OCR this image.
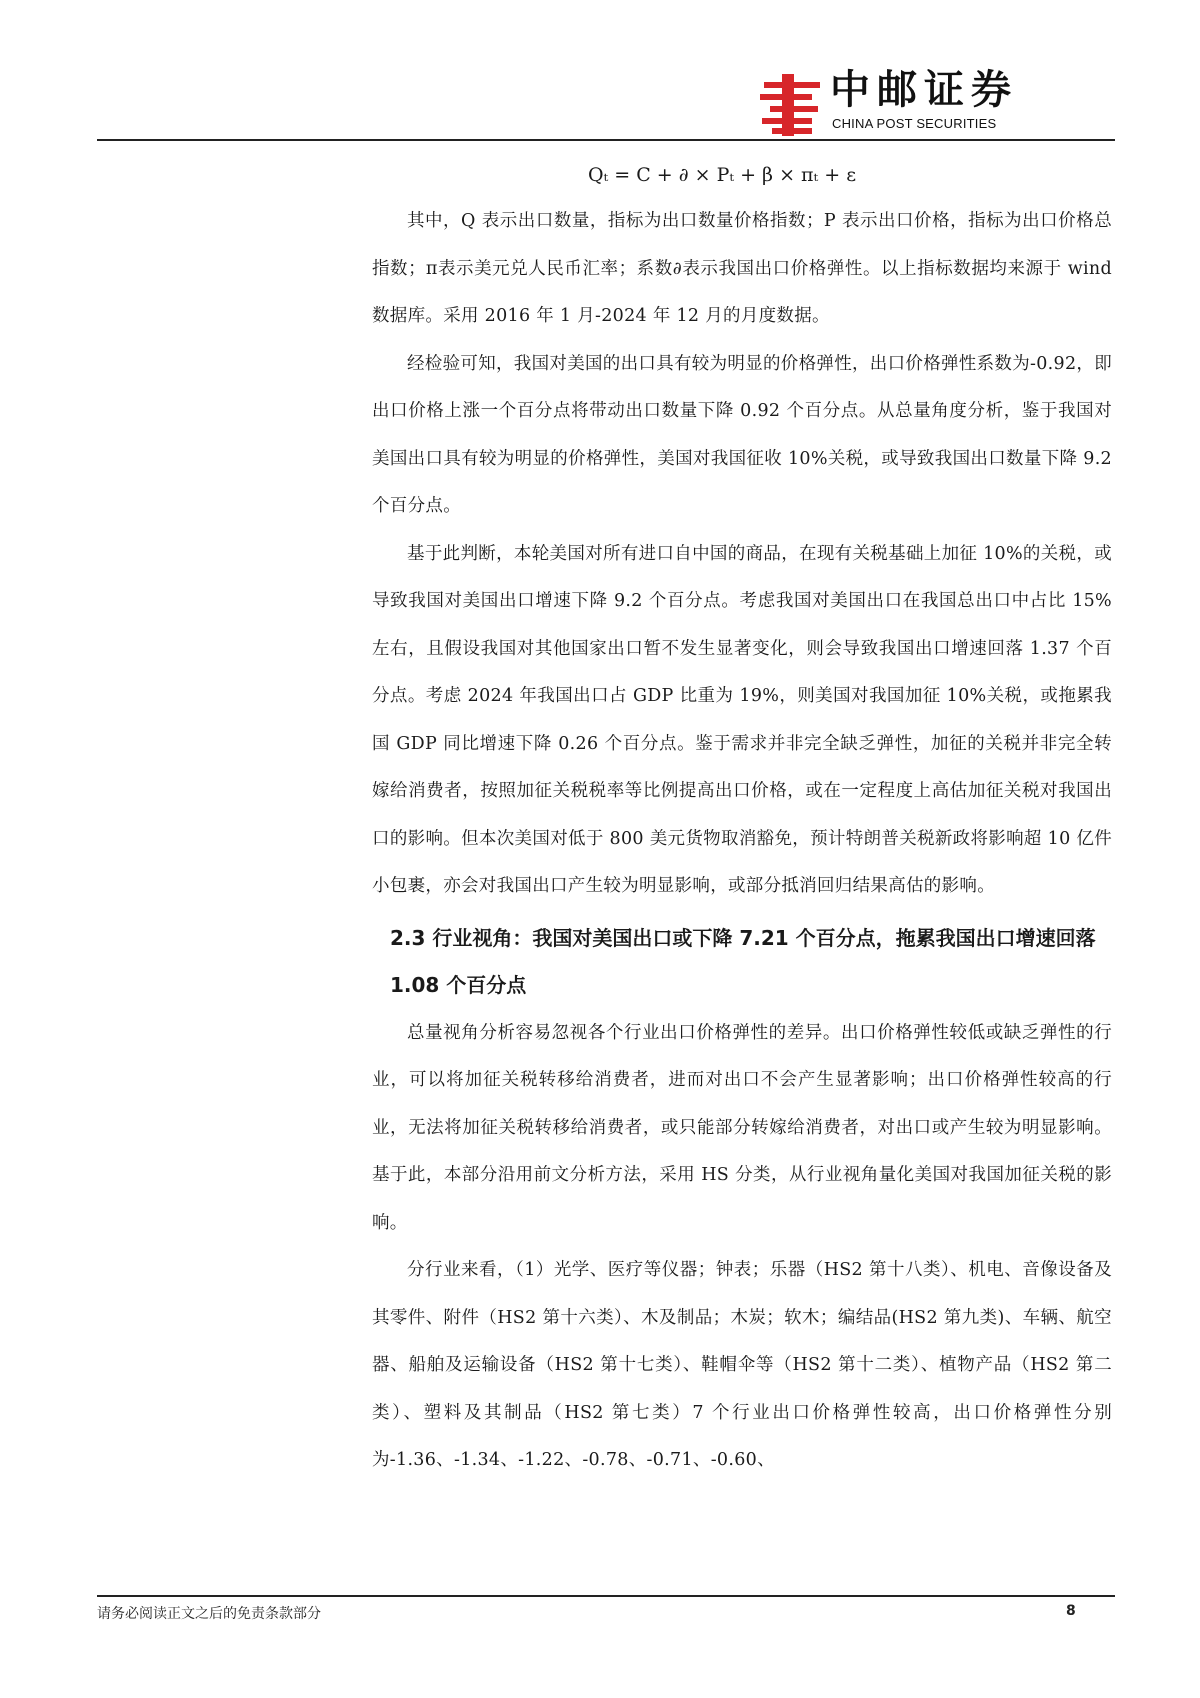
中邮证券
CHINA POST SECURITIES
Qₜ = C + ∂ × Pₜ + β × πₜ + ε

其中，Q 表示出口数量，指标为出口数量价格指数；P 表示出口价格，指标为出口价格总指数；π表示美元兑人民币汇率；系数∂表示我国出口价格弹性。以上指标数据均来源于 wind 数据库。采用 2016 年 1 月-2024 年 12 月的月度数据。

经检验可知，我国对美国的出口具有较为明显的价格弹性，出口价格弹性系数为-0.92，即出口价格上涨一个百分点将带动出口数量下降 0.92 个百分点。从总量角度分析，鉴于我国对美国出口具有较为明显的价格弹性，美国对我国征收 10%关税，或导致我国出口数量下降 9.2 个百分点。

基于此判断，本轮美国对所有进口自中国的商品，在现有关税基础上加征 10%的关税，或导致我国对美国出口增速下降 9.2 个百分点。考虑我国对美国出口在我国总出口中占比 15%左右，且假设我国对其他国家出口暂不发生显著变化，则会导致我国出口增速回落 1.37 个百分点。考虑 2024 年我国出口占 GDP 比重为 19%，则美国对我国加征 10%关税，或拖累我国 GDP 同比增速下降 0.26 个百分点。鉴于需求并非完全缺乏弹性，加征的关税并非完全转嫁给消费者，按照加征关税税率等比例提高出口价格，或在一定程度上高估加征关税对我国出口的影响。但本次美国对低于 800 美元货物取消豁免，预计特朗普关税新政将影响超 10 亿件小包裹，亦会对我国出口产生较为明显影响，或部分抵消回归结果高估的影响。

2.3 行业视角：我国对美国出口或下降 7.21 个百分点，拖累我国出口增速回落 1.08 个百分点

总量视角分析容易忽视各个行业出口价格弹性的差异。出口价格弹性较低或缺乏弹性的行业，可以将加征关税转移给消费者，进而对出口不会产生显著影响；出口价格弹性较高的行业，无法将加征关税转移给消费者，或只能部分转嫁给消费者，对出口或产生较为明显影响。基于此，本部分沿用前文分析方法，采用 HS 分类，从行业视角量化美国对我国加征关税的影响。

分行业来看，（1）光学、医疗等仪器；钟表；乐器（HS2 第十八类）、机电、音像设备及其零件、附件（HS2 第十六类）、木及制品；木炭；软木；编结品(HS2 第九类)、车辆、航空器、船舶及运输设备（HS2 第十七类）、鞋帽伞等（HS2 第十二类）、植物产品（HS2 第二类）、塑料及其制品（HS2 第七类）7 个行业出口价格弹性较高，出口价格弹性分别为-1.36、-1.34、-1.22、-0.78、-0.71、-0.60、

请务必阅读正文之后的免责条款部分	8
